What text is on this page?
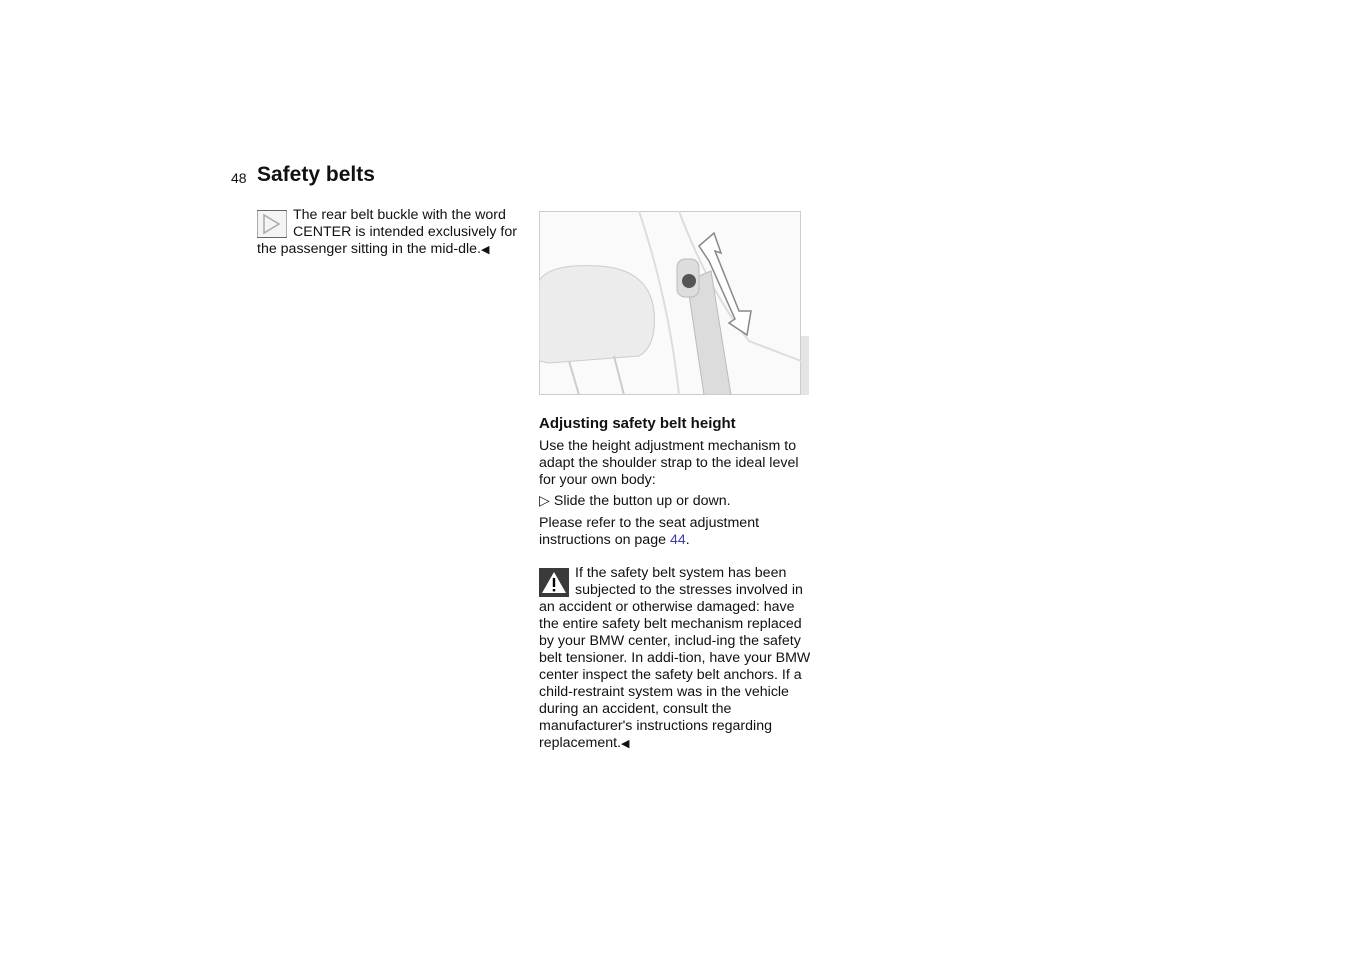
48 Safety belts
The rear belt buckle with the word CENTER is intended exclusively for the passenger sitting in the mid-dle.◀
Adjusting safety belt height

Use the height adjustment mechanism to adapt the shoulder strap to the ideal level for your own body:

▷ Slide the button up or down.

Please refer to the seat adjustment instructions on page 44.

If the safety belt system has been subjected to the stresses involved in an accident or otherwise damaged: have the entire safety belt mechanism replaced by your BMW center, includ-ing the safety belt tensioner. In addi-tion, have your BMW center inspect the safety belt anchors. If a child-restraint system was in the vehicle during an accident, consult the manufacturer's instructions regarding replacement.◀
